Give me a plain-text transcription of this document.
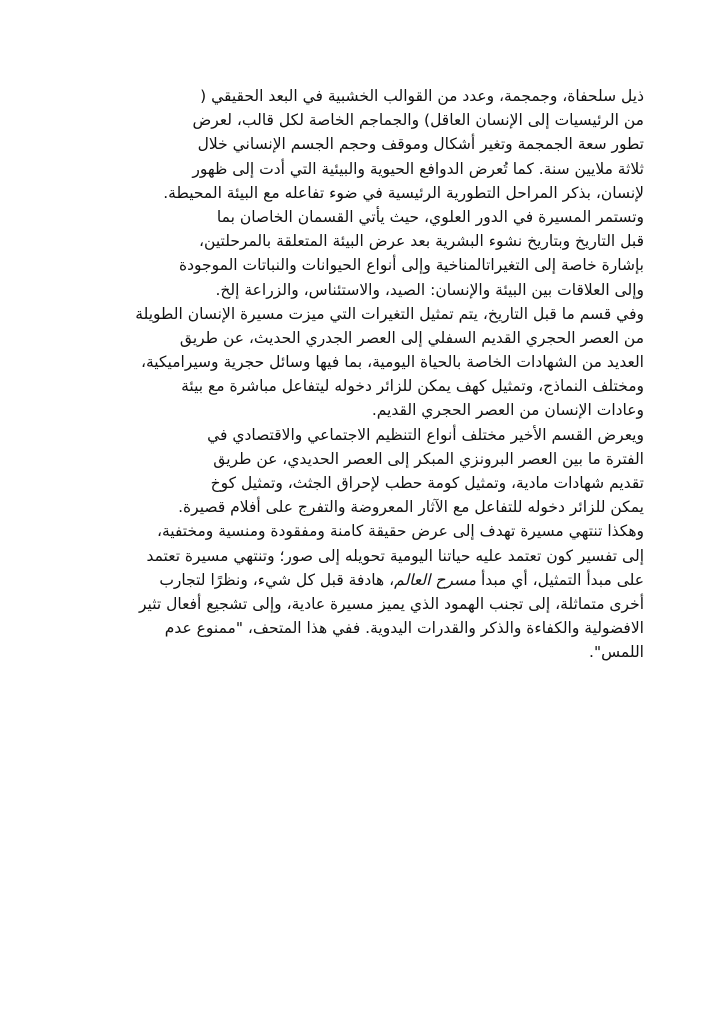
ذيل سلحفاة، وجمجمة، وعدد من القوالب الخشبية في البعد الحقيقي (
من الرئيسيات إلى الإنسان العاقل) والجماجم الخاصة لكل قالب، لعرض
تطور سعة الجمجمة وتغير أشكال وموقف وحجم الجسم الإنساني خلال
ثلاثة ملايين سنة. كما تُعرض الدوافع الحيوية والبيئية التي أدت إلى ظهور
لإنسان، بذكر المراحل التطورية الرئيسية في ضوء تفاعله مع البيئة المحيطة.
وتستمر المسيرة في الدور العلوي، حيث يأتي القسمان الخاصان بما
قبل التاريخ وبتاريخ نشوء البشرية بعد عرض البيئة المتعلقة بالمرحلتين،
بإشارة خاصة إلى التغيراتالمناخية وإلى أنواع الحيوانات والنباتات الموجودة
وإلى العلاقات بين البيئة والإنسان: الصيد، والاستئناس، والزراعة إلخ.
وفي قسم ما قبل التاريخ، يتم تمثيل التغيرات التي ميزت مسيرة الإنسان الطويلة
من العصر الحجري القديم السفلي إلى العصر الجدري الحديث، عن طريق
العديد من الشهادات الخاصة بالحياة اليومية، بما فيها وسائل حجرية وسيراميكية،
ومختلف النماذج، وتمثيل كهف يمكن للزائر دخوله ليتفاعل مباشرة مع بيئة
وعادات الإنسان من العصر الحجري القديم.
ويعرض القسم الأخير مختلف أنواع التنظيم الاجتماعي والاقتصادي في
الفترة ما بين العصر البرونزي المبكر إلى العصر الحديدي، عن طريق
تقديم شهادات مادية، وتمثيل كومة حطب لإحراق الجثث، وتمثيل كوخ
يمكن للزائر دخوله للتفاعل مع الآثار المعروضة والتفرج على أفلام قصيرة.
وهكذا تنتهي مسيرة تهدف إلى عرض حقيقة كامنة ومفقودة ومنسية ومختفية،
إلى تفسير كون تعتمد عليه حياتنا اليومية تحويله إلى صور؛ وتنتهي مسيرة تعتمد
على مبدأ التمثيل، أي مبدأ مسرح العالم، هادفة قبل كل شيء، ونظرًا لتجارب
أخرى متماثلة، إلى تجنب الهمود الذي يميز مسيرة عادية، وإلى تشجيع أفعال تثير
الافضولية والكفاءة والذكر والقدرات اليدوية. ففي هذا المتحف، "ممنوع عدم
اللمس".
